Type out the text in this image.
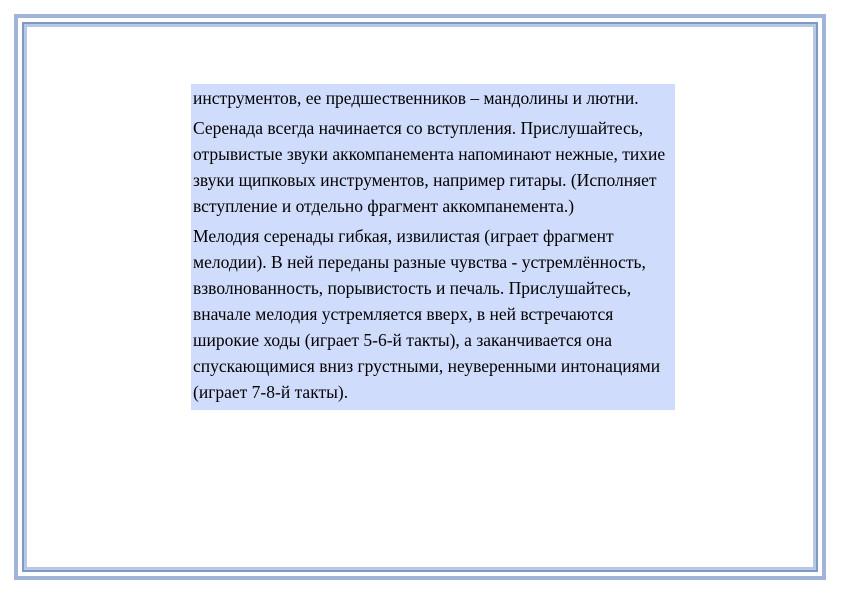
инструментов, ее предшественников – мандолины и лютни.

Серенада всегда начинается со вступления. Прислушайтесь, отрывистые звуки аккомпанемента напоминают нежные, тихие звуки щипковых инструментов, например гитары. (Исполняет вступление и отдельно фрагмент аккомпанемента.)

Мелодия серенады гибкая, извилистая (играет фрагмент мелодии). В ней переданы разные чувства - устремлённость, взволнованность, порывистость и печаль. Прислушайтесь, вначале мелодия устремляется вверх, в ней встречаются широкие ходы (играет 5-6-й такты), а заканчивается она спускающимися вниз грустными, неуверенными интонациями (играет 7-8-й такты).
